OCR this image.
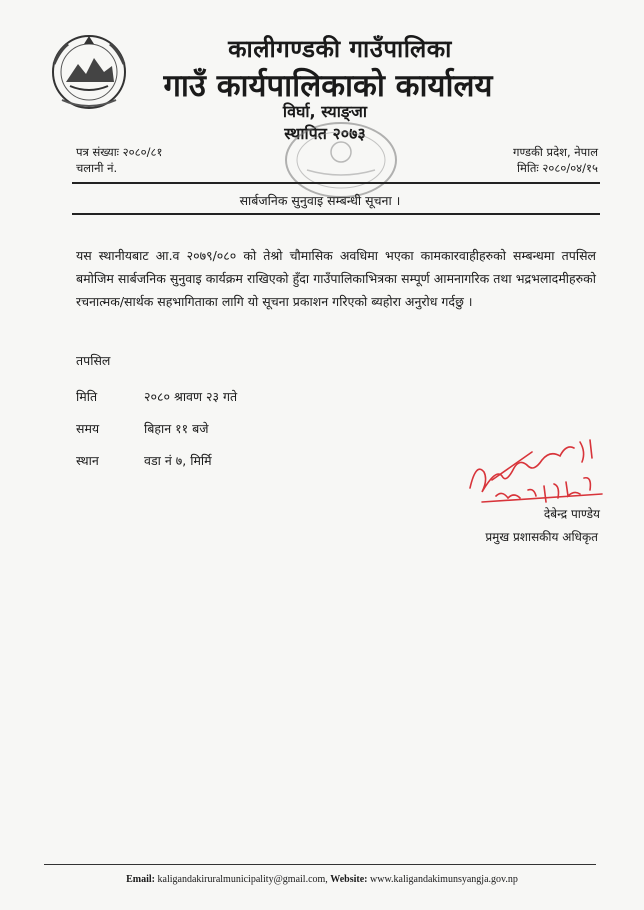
कालीगण्डकी गाउँपालिका
गाउँ कार्यपालिकाको कार्यालय
विर्घा, स्याङ्जा
स्थापित २०७३
पत्र संख्याः २०८०/८१
चलानी नं.
गण्डकी प्रदेश, नेपाल
मितिः २०८०/०४/१५
सार्बजनिक सुनुवाइ सम्बन्धी सूचना ।
यस स्थानीयबाट आ.व २०७९/०८० को तेश्रो चौमासिक अवधिमा भएका कामकारवाहीहरुको सम्बन्धमा तपसिल बमोजिम सार्बजनिक सुनुवाइ कार्यक्रम राखिएको हुँदा गाउँपालिकाभित्रका सम्पूर्ण आमनागरिक तथा भद्रभलादमीहरुको रचनात्मक/सार्थक सहभागिताका लागि यो सूचना प्रकाशन गरिएको ब्यहोरा अनुरोध गर्दछु ।
तपसिल
मिति	२०८० श्रावण २३ गते
समय	बिहान ११ बजे
स्थान	वडा नं ७, मिर्मि
देबेन्द्र पाण्डेय
प्रमुख प्रशासकीय अधिकृत
Email: kaligandakiruralmunicipality@gmail.com, Website: www.kaligandakimunsyangja.gov.np
